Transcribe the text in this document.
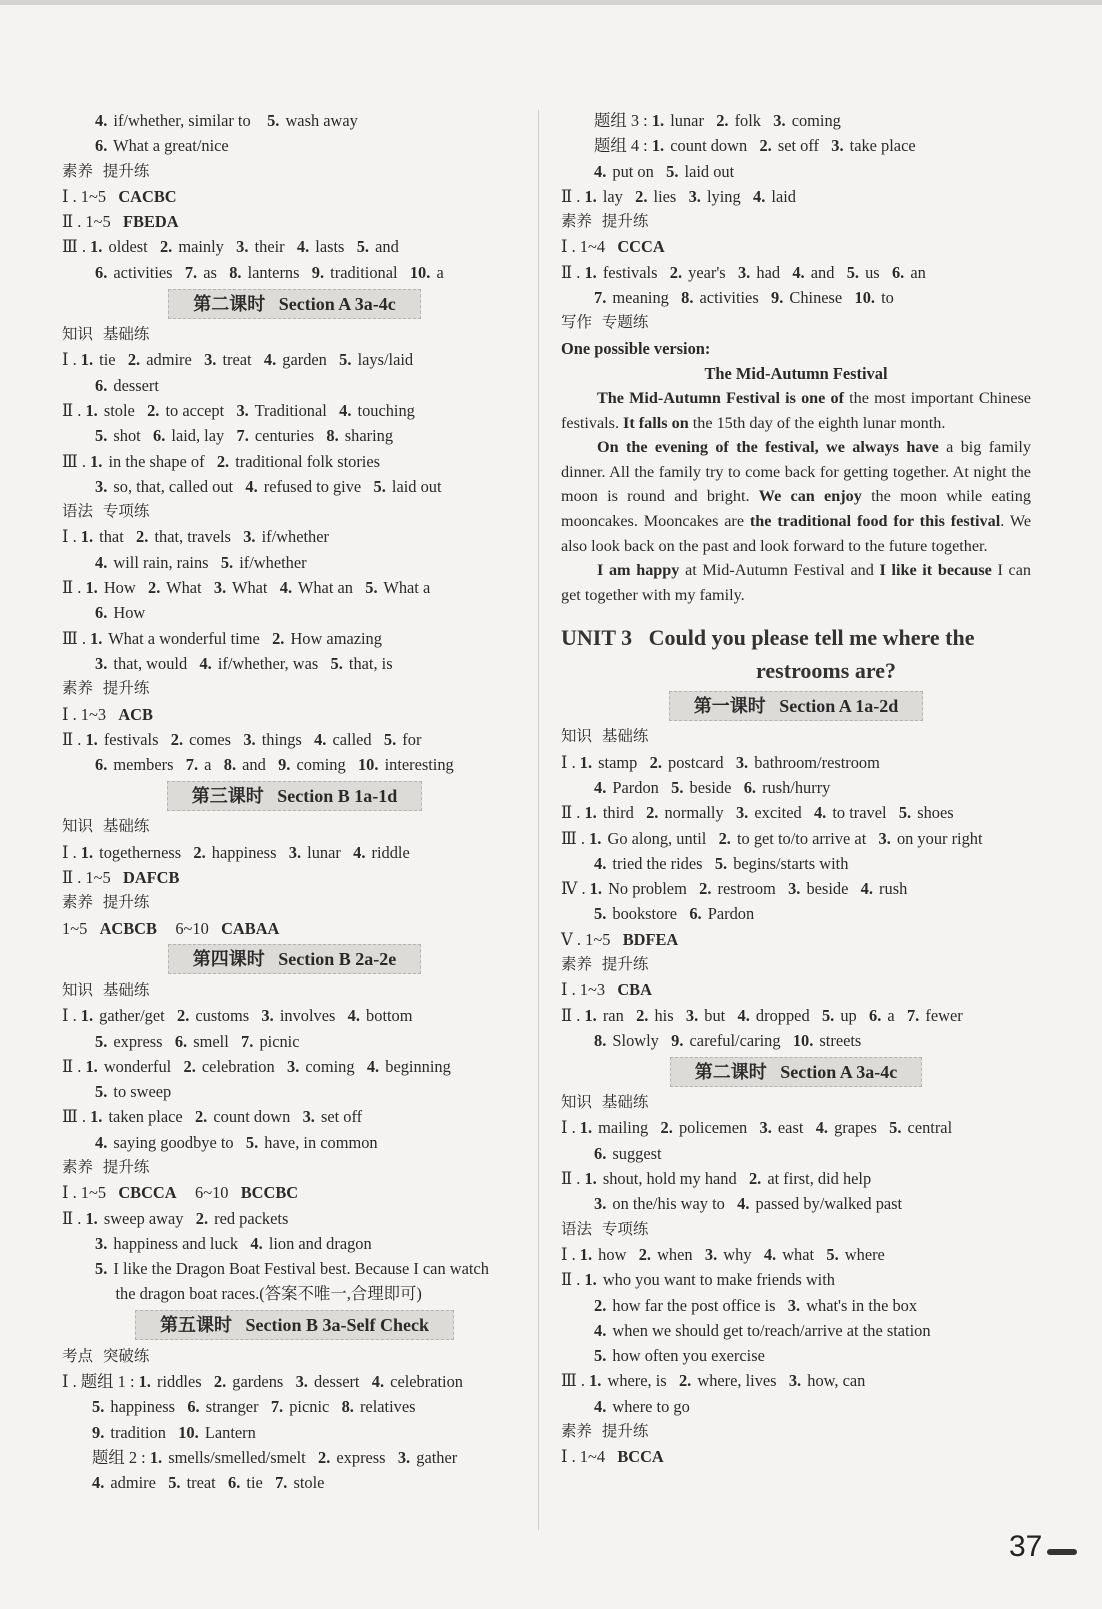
4. if/whether, similar to    5. wash away
6. What a great/nice
素养  提升练
Ⅰ . 1~5   CACBC
Ⅱ . 1~5   FBEDA
Ⅲ . 1. oldest   2. mainly   3. their   4. lasts   5. and
6. activities   7. as   8. lanterns   9. traditional   10. a
第二课时   Section A 3a-4c
知识  基础练
Ⅰ . 1. tie   2. admire   3. treat   4. garden   5. lays/laid
6. dessert
Ⅱ . 1. stole   2. to accept   3. Traditional   4. touching
5. shot   6. laid, lay   7. centuries   8. sharing
Ⅲ . 1. in the shape of   2. traditional folk stories
3. so, that, called out   4. refused to give   5. laid out
语法  专项练
Ⅰ . 1. that   2. that, travels   3. if/whether
4. will rain, rains   5. if/whether
Ⅱ . 1. How   2. What   3. What   4. What an   5. What a
6. How
Ⅲ . 1. What a wonderful time   2. How amazing
3. that, would   4. if/whether, was   5. that, is
素养  提升练
Ⅰ . 1~3   ACB
Ⅱ . 1. festivals   2. comes   3. things   4. called   5. for
6. members   7. a   8. and   9. coming   10. interesting
第三课时   Section B 1a-1d
知识  基础练
Ⅰ . 1. togetherness   2. happiness   3. lunar   4. riddle
Ⅱ . 1~5   DAFCB
素养  提升练
1~5   ACBCB    6~10   CABAA
第四课时   Section B 2a-2e
知识  基础练
Ⅰ . 1. gather/get   2. customs   3. involves   4. bottom
5. express   6. smell   7. picnic
Ⅱ . 1. wonderful   2. celebration   3. coming   4. beginning
5. to sweep
Ⅲ . 1. taken place   2. count down   3. set off
4. saying goodbye to   5. have, in common
素养  提升练
Ⅰ . 1~5   CBCCA    6~10   BCCBC
Ⅱ . 1. sweep away   2. red packets
3. happiness and luck   4. lion and dragon
5. I like the Dragon Boat Festival best. Because I can watch
the dragon boat races.(答案不唯一,合理即可)
第五课时   Section B 3a-Self Check
考点  突破练
Ⅰ . 题组 1 : 1. riddles   2. gardens   3. dessert   4. celebration
5. happiness   6. stranger   7. picnic   8. relatives
9. tradition   10. Lantern
题组 2 : 1. smells/smelled/smelt   2. express   3. gather
4. admire   5. treat   6. tie   7. stole
题组 3 : 1. lunar   2. folk   3. coming
题组 4 : 1. count down   2. set off   3. take place
4. put on   5. laid out
Ⅱ . 1. lay   2. lies   3. lying   4. laid
素养  提升练
Ⅰ . 1~4   CCCA
Ⅱ . 1. festivals   2. year's   3. had   4. and   5. us   6. an
7. meaning   8. activities   9. Chinese   10. to
写作  专题练
One possible version:
The Mid-Autumn Festival

The Mid-Autumn Festival is one of the most important Chinese festivals. It falls on the 15th day of the eighth lunar month.

On the evening of the festival, we always have a big family dinner. All the family try to come back for getting together. At night the moon is round and bright. We can enjoy the moon while eating mooncakes. Mooncakes are the traditional food for this festival. We also look back on the past and look forward to the future together.

I am happy at Mid-Autumn Festival and I like it because I can get together with my family.

UNIT 3   Could you please tell me where the
restrooms are?
第一课时   Section A 1a-2d
知识  基础练
Ⅰ . 1. stamp   2. postcard   3. bathroom/restroom
4. Pardon   5. beside   6. rush/hurry
Ⅱ . 1. third   2. normally   3. excited   4. to travel   5. shoes
Ⅲ . 1. Go along, until   2. to get to/to arrive at   3. on your right
4. tried the rides   5. begins/starts with
Ⅳ . 1. No problem   2. restroom   3. beside   4. rush
5. bookstore   6. Pardon
Ⅴ . 1~5   BDFEA
素养  提升练
Ⅰ . 1~3   CBA
Ⅱ . 1. ran   2. his   3. but   4. dropped   5. up   6. a   7. fewer
8. Slowly   9. careful/caring   10. streets
第二课时   Section A 3a-4c
知识  基础练
Ⅰ . 1. mailing   2. policemen   3. east   4. grapes   5. central
6. suggest
Ⅱ . 1. shout, hold my hand   2. at first, did help
3. on the/his way to   4. passed by/walked past
语法  专项练
Ⅰ . 1. how   2. when   3. why   4. what   5. where
Ⅱ . 1. who you want to make friends with
2. how far the post office is   3. what's in the box
4. when we should get to/reach/arrive at the station
5. how often you exercise
Ⅲ . 1. where, is   2. where, lives   3. how, can
4. where to go
素养  提升练
Ⅰ . 1~4   BCCA
37
